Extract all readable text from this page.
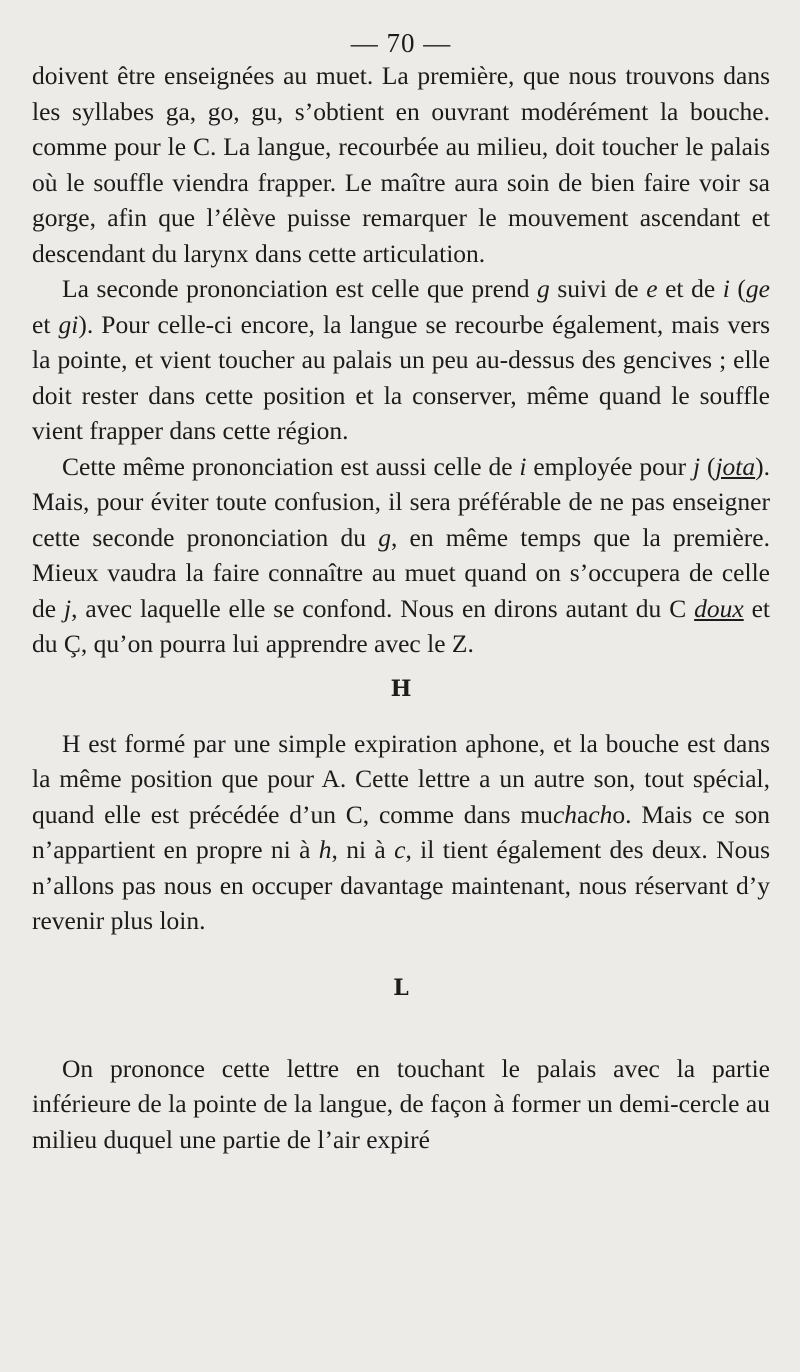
— 70 —

doivent être enseignées au muet. La première, que nous trouvons dans les syllabes ga, go, gu, s’obtient en ouvrant modérément la bouche. comme pour le C. La langue, recourbée au milieu, doit toucher le palais où le souffle viendra frapper. Le maître aura soin de bien faire voir sa gorge, afin que l’élève puisse remarquer le mouvement ascendant et descendant du larynx dans cette articulation.

La seconde prononciation est celle que prend g suivi de e et de i (ge et gi). Pour celle-ci encore, la langue se recourbe également, mais vers la pointe, et vient toucher au palais un peu au-dessus des gencives ; elle doit rester dans cette position et la conserver, même quand le souffle vient frapper dans cette région.

Cette même prononciation est aussi celle de i employée pour j (jota). Mais, pour éviter toute confusion, il sera préférable de ne pas enseigner cette seconde prononciation du g, en même temps que la première. Mieux vaudra la faire connaître au muet quand on s’occupera de celle de j, avec laquelle elle se confond. Nous en dirons autant du C doux et du Ç, qu’on pourra lui apprendre avec le Z.

H

H est formé par une simple expiration aphone, et la bouche est dans la même position que pour A. Cette lettre a un autre son, tout spécial, quand elle est précédée d’un C, comme dans muchacho. Mais ce son n’appartient en propre ni à h, ni à c, il tient également des deux. Nous n’allons pas nous en occuper davantage maintenant, nous réservant d’y revenir plus loin.

L

On prononce cette lettre en touchant le palais avec la partie inférieure de la pointe de la langue, de façon à former un demi-cercle au milieu duquel une partie de l’air expiré
